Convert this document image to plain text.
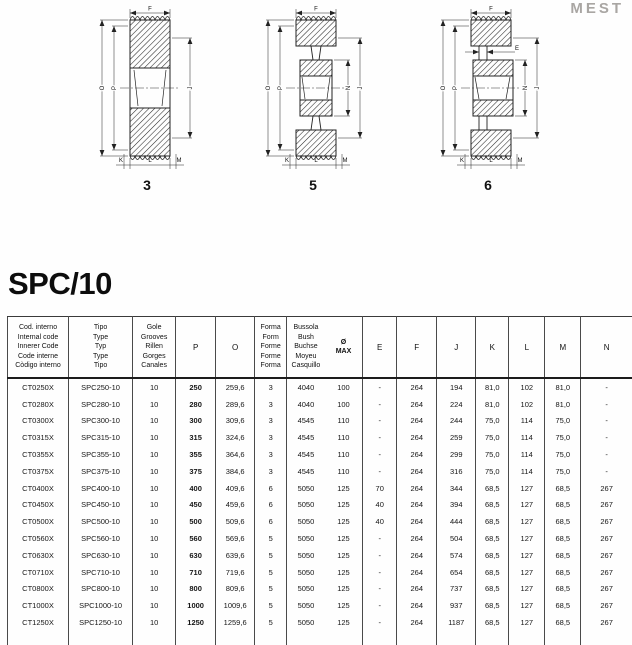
MEST
F
O P	J
K	L	M
3
F
O P	N J
K	L	M
5
F
E
O P	N J
K	L	M
6
SPC/10
Cod. interno
Internal code
Innerer Code
Code interne
Còdigo interno

Tipo
Type
Typ
Type
Tipo

Gole
Grooves
Rillen
Gorges
Canales
	P	O	
Forma
Form
Forme
Forme
Forma

Bussola
Bush
Buchse
Moyeu
Casquillo
Ø
MAX	E	F	J	K	L	M	N
CT0250X	SPC250-10	10	250	259,6	3	4040	100	-	264	194	81,0	102	81,0	-
CT0280X	SPC280-10	10	280	289,6	3	4040	100	-	264	224	81,0	102	81,0	-
CT0300X	SPC300-10	10	300	309,6	3	4545	110	-	264	244	75,0	114	75,0	-
CT0315X	SPC315-10	10	315	324,6	3	4545	110	-	264	259	75,0	114	75,0	-
CT0355X	SPC355-10	10	355	364,6	3	4545	110	-	264	299	75,0	114	75,0	-
CT0375X	SPC375-10	10	375	384,6	3	4545	110	-	264	316	75,0	114	75,0	-
CT0400X	SPC400-10	10	400	409,6	6	5050	125	70	264	344	68,5	127	68,5	267
CT0450X	SPC450-10	10	450	459,6	6	5050	125	40	264	394	68,5	127	68,5	267
CT0500X	SPC500-10	10	500	509,6	6	5050	125	40	264	444	68,5	127	68,5	267
CT0560X	SPC560-10	10	560	569,6	5	5050	125	-	264	504	68,5	127	68,5	267
CT0630X	SPC630-10	10	630	639,6	5	5050	125	-	264	574	68,5	127	68,5	267
CT0710X	SPC710-10	10	710	719,6	5	5050	125	-	264	654	68,5	127	68,5	267
CT0800X	SPC800-10	10	800	809,6	5	5050	125	-	264	737	68,5	127	68,5	267
CT1000X	SPC1000-10	10	1000	1009,6	5	5050	125	-	264	937	68,5	127	68,5	267
CT1250X	SPC1250-10	10	1250	1259,6	5	5050	125	-	264	1187	68,5	127	68,5	267
